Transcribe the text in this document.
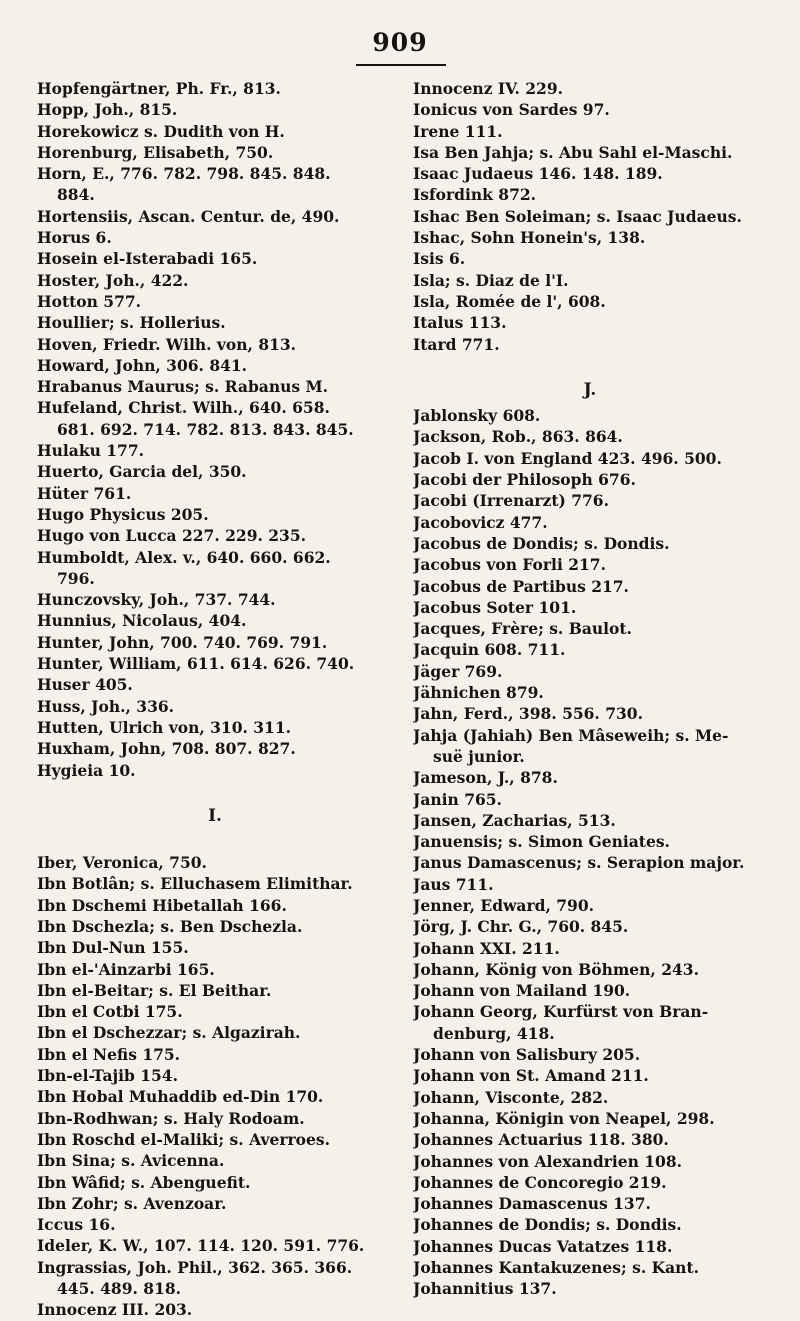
909
Hopfengärtner, Ph. Fr., 813.
Hopp, Joh., 815.
Horekowicz s. Dudith von H.
Horenburg, Elisabeth, 750.
Horn, E., 776. 782. 798. 845. 848.
884.
Hortensiis, Ascan. Centur. de, 490.
Horus 6.
Hosein el-Isterabadi 165.
Hoster, Joh., 422.
Hotton 577.
Houllier; s. Hollerius.
Hoven, Friedr. Wilh. von, 813.
Howard, John, 306. 841.
Hrabanus Maurus; s. Rabanus M.
Hufeland, Christ. Wilh., 640. 658.
681. 692. 714. 782. 813. 843. 845.
Hulaku 177.
Huerto, Garcia del, 350.
Hüter 761.
Hugo Physicus 205.
Hugo von Lucca 227. 229. 235.
Humboldt, Alex. v., 640. 660. 662.
796.
Hunczovsky, Joh., 737. 744.
Hunnius, Nicolaus, 404.
Hunter, John, 700. 740. 769. 791.
Hunter, William, 611. 614. 626. 740.
Huser 405.
Huss, Joh., 336.
Hutten, Ulrich von, 310. 311.
Huxham, John, 708. 807. 827.
Hygieia 10.
I.
Iber, Veronica, 750.
Ibn Botlân; s. Elluchasem Elimithar.
Ibn Dschemi Hibetallah 166.
Ibn Dschezla; s. Ben Dschezla.
Ibn Dul-Nun 155.
Ibn el-'Ainzarbi 165.
Ibn el-Beitar; s. El Beithar.
Ibn el Cotbi 175.
Ibn el Dschezzar; s. Algazirah.
Ibn el Nefis 175.
Ibn-el-Tajib 154.
Ibn Hobal Muhaddib ed-Din 170.
Ibn-Rodhwan; s. Haly Rodoam.
Ibn Roschd el-Maliki; s. Averroes.
Ibn Sina; s. Avicenna.
Ibn Wâfid; s. Abenguefit.
Ibn Zohr; s. Avenzoar.
Iccus 16.
Ideler, K. W., 107. 114. 120. 591. 776.
Ingrassias, Joh. Phil., 362. 365. 366.
445. 489. 818.
Innocenz III. 203.
Innocenz IV. 229.
Ionicus von Sardes 97.
Irene 111.
Isa Ben Jahja; s. Abu Sahl el-Maschi.
Isaac Judaeus 146. 148. 189.
Isfordink 872.
Ishac Ben Soleiman; s. Isaac Judaeus.
Ishac, Sohn Honein's, 138.
Isis 6.
Isla; s. Diaz de l'I.
Isla, Romée de l', 608.
Italus 113.
Itard 771.
J.
Jablonsky 608.
Jackson, Rob., 863. 864.
Jacob I. von England 423. 496. 500.
Jacobi der Philosoph 676.
Jacobi (Irrenarzt) 776.
Jacobovicz 477.
Jacobus de Dondis; s. Dondis.
Jacobus von Forli 217.
Jacobus de Partibus 217.
Jacobus Soter 101.
Jacques, Frère; s. Baulot.
Jacquin 608. 711.
Jäger 769.
Jähnichen 879.
Jahn, Ferd., 398. 556. 730.
Jahja (Jahiah) Ben Mâseweih; s. Me-
suë junior.
Jameson, J., 878.
Janin 765.
Jansen, Zacharias, 513.
Januensis; s. Simon Geniates.
Janus Damascenus; s. Serapion major.
Jaus 711.
Jenner, Edward, 790.
Jörg, J. Chr. G., 760. 845.
Johann XXI. 211.
Johann, König von Böhmen, 243.
Johann von Mailand 190.
Johann Georg, Kurfürst von Bran-
denburg, 418.
Johann von Salisbury 205.
Johann von St. Amand 211.
Johann, Visconte, 282.
Johanna, Königin von Neapel, 298.
Johannes Actuarius 118. 380.
Johannes von Alexandrien 108.
Johannes de Concoregio 219.
Johannes Damascenus 137.
Johannes de Dondis; s. Dondis.
Johannes Ducas Vatatzes 118.
Johannes Kantakuzenes; s. Kant.
Johannitius 137.
